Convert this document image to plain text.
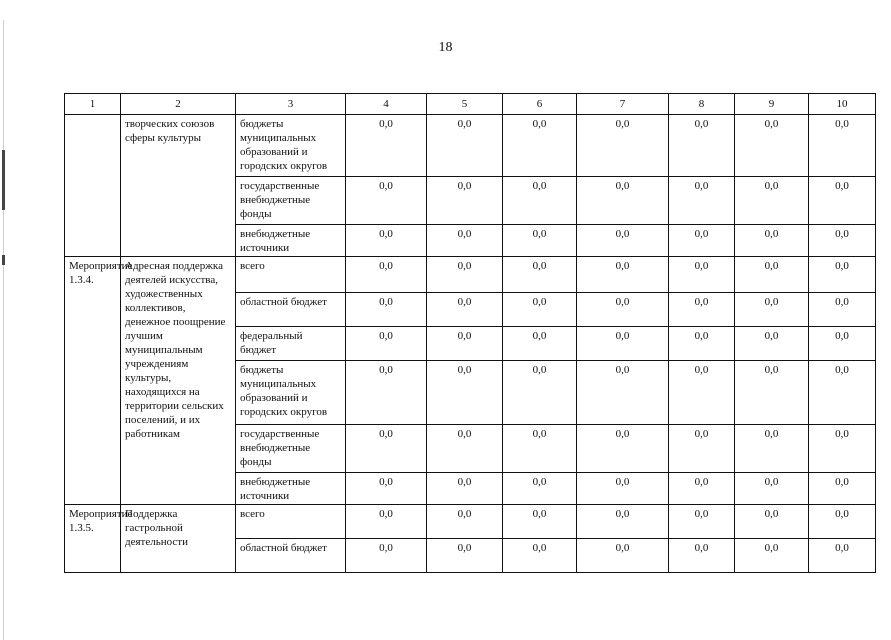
18
1	2	3	4	5	6	7	8	9	10
	творческих союзов сферы культуры	бюджеты муниципальных образований и городских округов	0,0	0,0	0,0	0,0	0,0	0,0	0,0
		государственные внебюджетные фонды	0,0	0,0	0,0	0,0	0,0	0,0	0,0
		внебюджетные источники	0,0	0,0	0,0	0,0	0,0	0,0	0,0
Мероприятие 1.3.4.	Адресная поддержка деятелей искусства, художественных коллективов, денежное поощрение лучшим муниципальным учреждениям культуры, находящихся на территории сельских поселений, и их работникам	всего	0,0	0,0	0,0	0,0	0,0	0,0	0,0
		областной бюджет	0,0	0,0	0,0	0,0	0,0	0,0	0,0
		федеральный бюджет	0,0	0,0	0,0	0,0	0,0	0,0	0,0
		бюджеты муниципальных образований и городских округов	0,0	0,0	0,0	0,0	0,0	0,0	0,0
		государственные внебюджетные фонды	0,0	0,0	0,0	0,0	0,0	0,0	0,0
		внебюджетные источники	0,0	0,0	0,0	0,0	0,0	0,0	0,0
Мероприятие 1.3.5.	Поддержка гастрольной деятельности	всего	0,0	0,0	0,0	0,0	0,0	0,0	0,0
		областной бюджет	0,0	0,0	0,0	0,0	0,0	0,0	0,0
